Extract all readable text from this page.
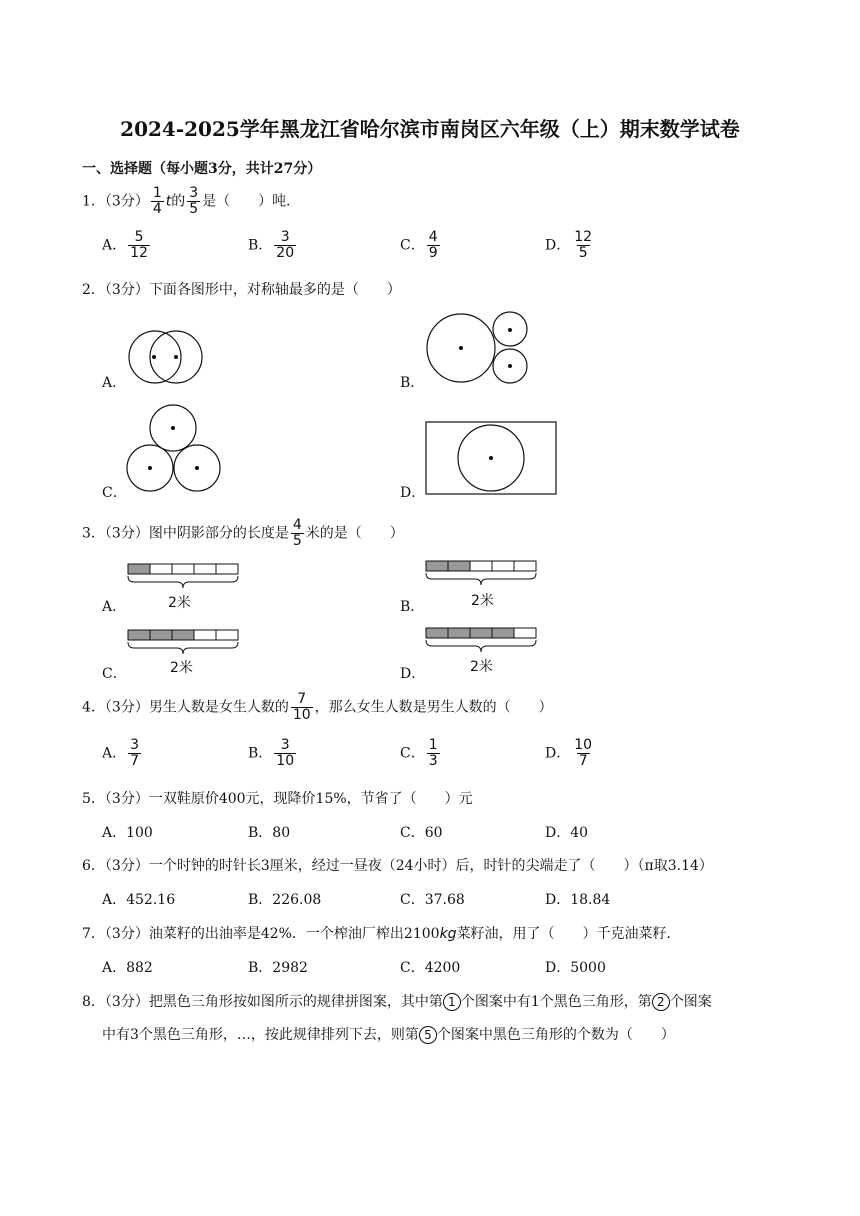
2024-2025学年黑龙江省哈尔滨市南岗区六年级（上）期末数学试卷
一、选择题（每小题3分，共计27分）
1．（3分） $\frac{1}{4}$ t的 $\frac{3}{5}$ 是（　　）吨．
A． $\frac{5}{12}$	B． $\frac{3}{20}$	C． $\frac{4}{9}$	D． $\frac{12}{5}$
2．（3分）下面各图形中，对称轴最多的是（　　）
A．	B．
C．	D．
3．（3分）图中阴影部分的长度是 $\frac{4}{5}$ 米的是（　　）
A．	2米	B．	2米
C．	2米	D．	2米
4．（3分）男生人数是女生人数的 $\frac{7}{10}$ ，那么女生人数是男生人数的（　　）
A． $\frac{3}{7}$	B． $\frac{3}{10}$	C． $\frac{1}{3}$	D． $\frac{10}{7}$
5．（3分）一双鞋原价400元，现降价15%，节省了（　　）元
A．100	B．80	C．60	D．40
6．（3分）一个时钟的时针长3厘米，经过一昼夜（24小时）后，时针的尖端走了（　　）（π取3.14）
A．452.16	B．226.08	C．37.68	D．18.84
7．（3分）油菜籽的出油率是42%．一个榨油厂榨出2100kg菜籽油，用了（　　）千克油菜籽．
A．882	B．2982	C．4200	D．5000
8．（3分）把黑色三角形按如图所示的规律拼图案，其中第 1 个图案中有1个黑色三角形，第 2 个图案
中有3个黑色三角形，…，按此规律排列下去，则第 5 个图案中黑色三角形的个数为（　　）
